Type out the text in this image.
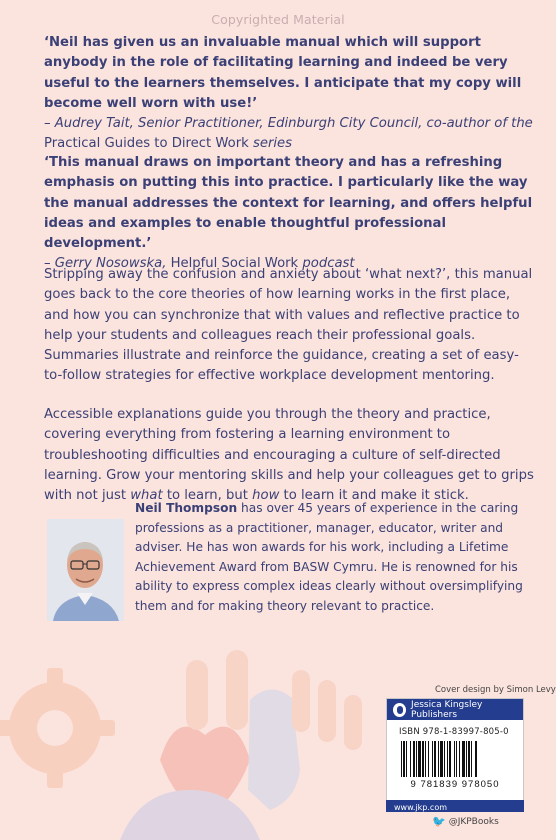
Copyrighted Material
‘Neil has given us an invaluable manual which will support anybody in the role of facilitating learning and indeed be very useful to the learners themselves. I anticipate that my copy will become well worn with use!’
– Audrey Tait, Senior Practitioner, Edinburgh City Council, co-author of the Practical Guides to Direct Work series
‘This manual draws on important theory and has a refreshing emphasis on putting this into practice. I particularly like the way the manual addresses the context for learning, and offers helpful ideas and examples to enable thoughtful professional development.’
– Gerry Nosowska, Helpful Social Work podcast
Stripping away the confusion and anxiety about ‘what next?’, this manual goes back to the core theories of how learning works in the first place, and how you can synchronize that with values and reflective practice to help your students and colleagues reach their professional goals. Summaries illustrate and reinforce the guidance, creating a set of easy-to-follow strategies for effective workplace development mentoring.
Accessible explanations guide you through the theory and practice, covering everything from fostering a learning environment to troubleshooting difficulties and encouraging a culture of self-directed learning. Grow your mentoring skills and help your colleagues get to grips with not just what to learn, but how to learn it and make it stick.
Neil Thompson has over 45 years of experience in the caring professions as a practitioner, manager, educator, writer and adviser. He has won awards for his work, including a Lifetime Achievement Award from BASW Cymru. He is renowned for his ability to express complex ideas clearly without oversimplifying them and for making theory relevant to practice.
Cover design by Simon Levy
Jessica Kingsley Publishers
ISBN 978-1-83997-805-0
9 781839 978050
www.jkp.com
🐦 @JKPBooks
